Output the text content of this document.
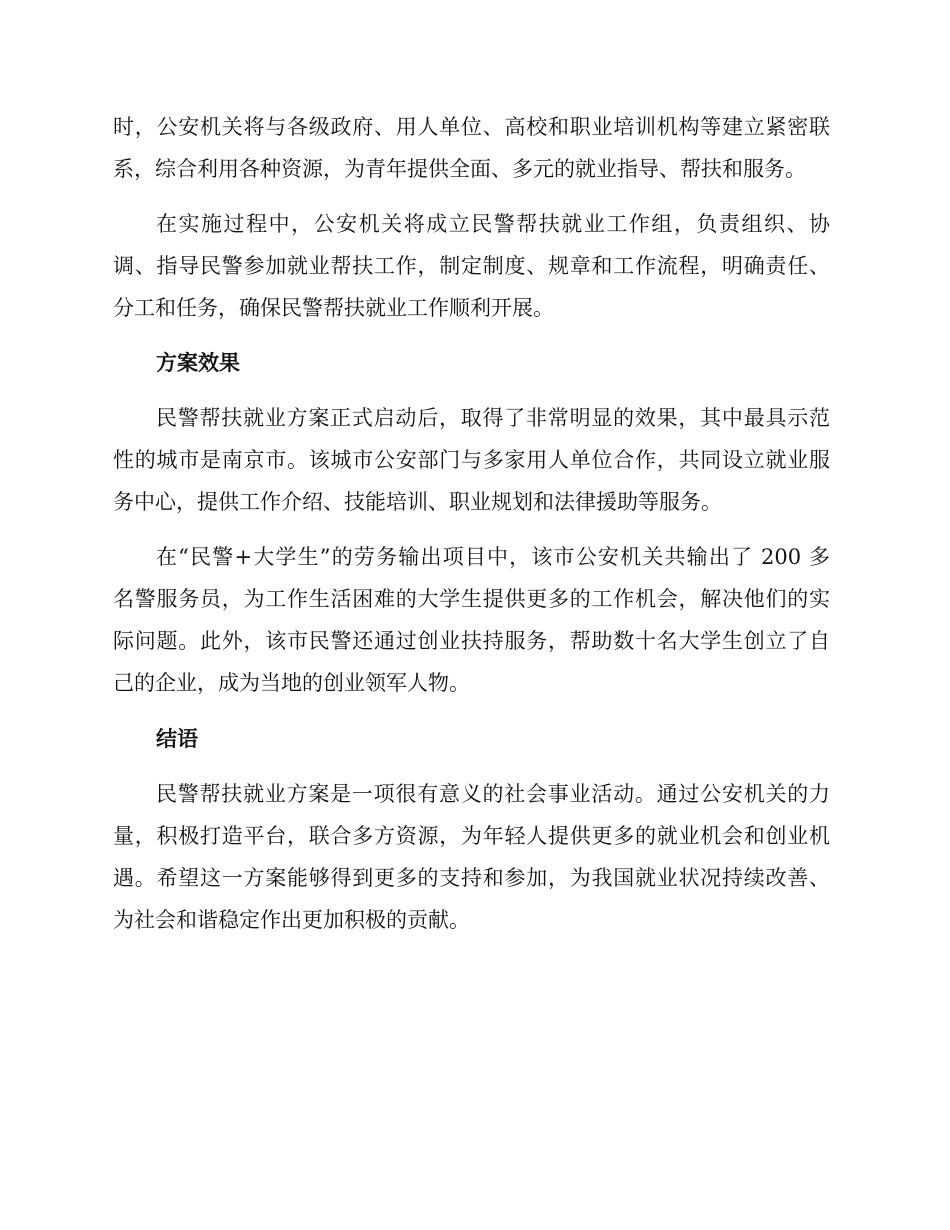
时，公安机关将与各级政府、用人单位、高校和职业培训机构等建立紧密联
系，综合利用各种资源，为青年提供全面、多元的就业指导、帮扶和服务。
在实施过程中，公安机关将成立民警帮扶就业工作组，负责组织、协
调、指导民警参加就业帮扶工作，制定制度、规章和工作流程，明确责任、
分工和任务，确保民警帮扶就业工作顺利开展。
方案效果
民警帮扶就业方案正式启动后，取得了非常明显的效果，其中最具示范
性的城市是南京市。该城市公安部门与多家用人单位合作，共同设立就业服
务中心，提供工作介绍、技能培训、职业规划和法律援助等服务。
在“民警+大学生”的劳务输出项目中，该市公安机关共输出了 200 多
名警服务员，为工作生活困难的大学生提供更多的工作机会，解决他们的实
际问题。此外，该市民警还通过创业扶持服务，帮助数十名大学生创立了自
己的企业，成为当地的创业领军人物。
结语
民警帮扶就业方案是一项很有意义的社会事业活动。通过公安机关的力
量，积极打造平台，联合多方资源，为年轻人提供更多的就业机会和创业机
遇。希望这一方案能够得到更多的支持和参加，为我国就业状况持续改善、
为社会和谐稳定作出更加积极的贡献。
